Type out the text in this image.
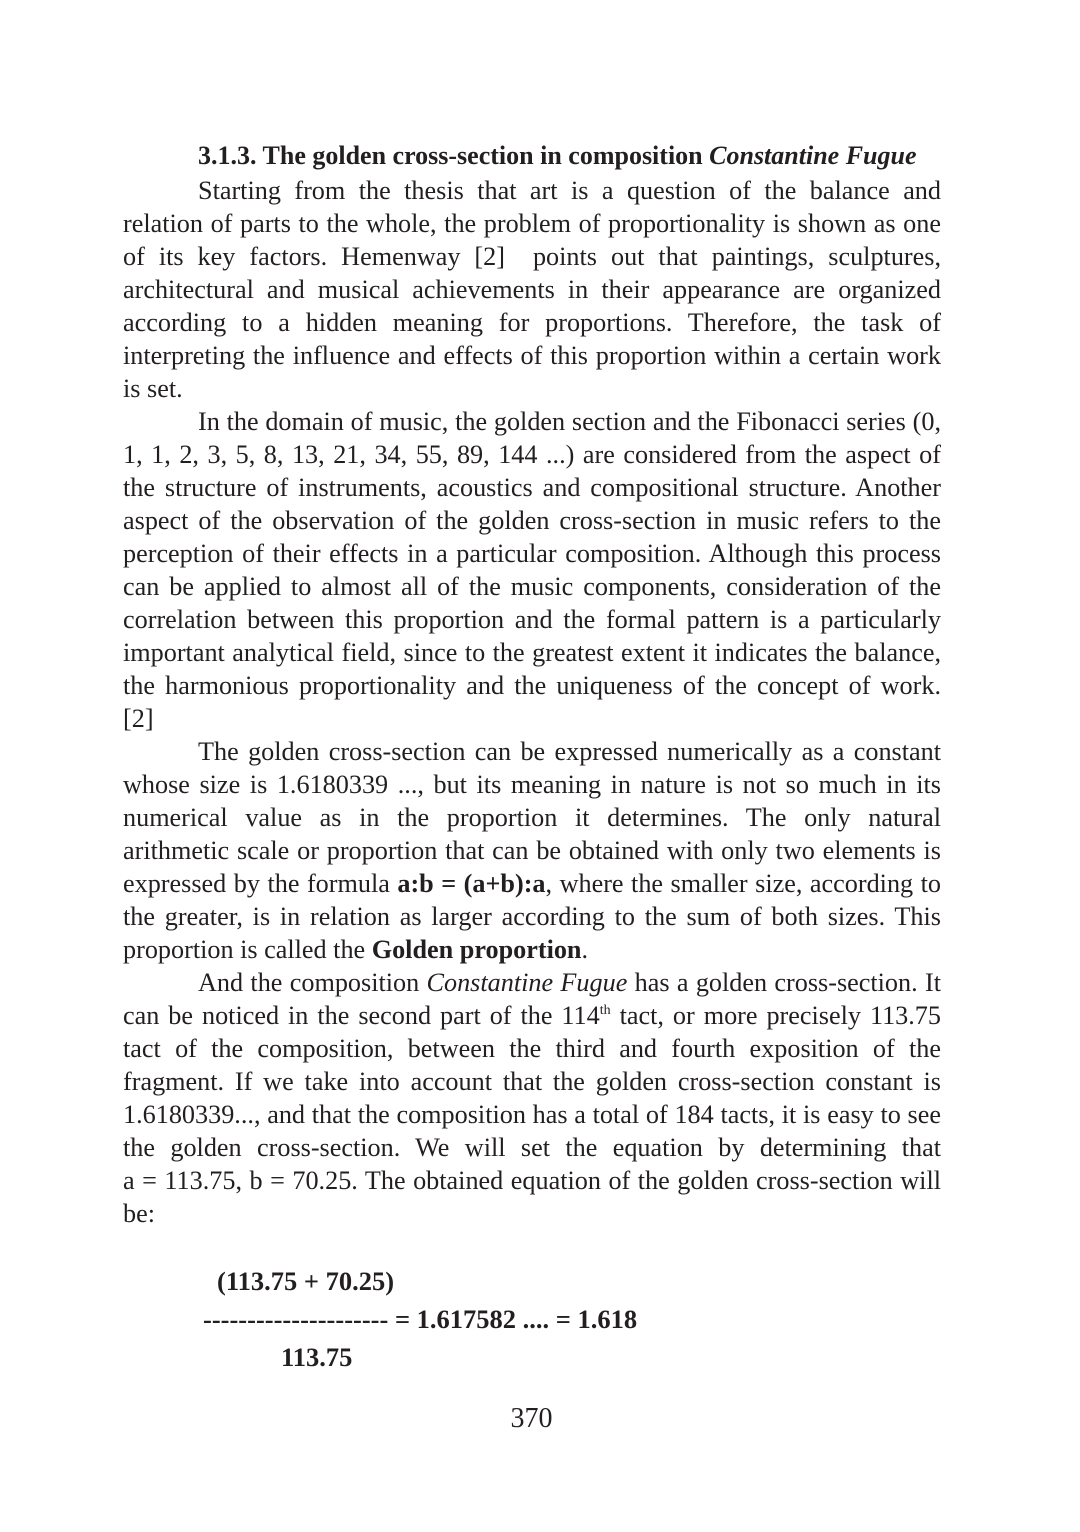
3.1.3. The golden cross-section in composition Constantine Fugue

Starting from the thesis that art is a question of the balance and relation of parts to the whole, the problem of proportionality is shown as one of its key factors. Hemenway [2]  points out that paintings, sculptures, architectural and musical achievements in their appearance are organized according to a hidden meaning for proportions. Therefore, the task of interpreting the influence and effects of this proportion within a certain work is set.

In the domain of music, the golden section and the Fibonacci series (0, 1, 1, 2, 3, 5, 8, 13, 21, 34, 55, 89, 144 ...) are considered from the aspect of the structure of instruments, acoustics and compositional structure. Another aspect of the observation of the golden cross-section in music refers to the perception of their effects in a particular composition. Although this process can be applied to almost all of the music components, consideration of the correlation between this proportion and the formal pattern is a particularly important analytical field, since to the greatest extent it indicates the balance, the harmonious proportionality and the uniqueness of the concept of work. [2]

The golden cross-section can be expressed numerically as a constant whose size is 1.6180339 ..., but its meaning in nature is not so much in its numerical value as in the proportion it determines. The only natural arithmetic scale or proportion that can be obtained with only two elements is expressed by the formula a:b = (a+b):a, where the smaller size, according to the greater, is in relation as larger according to the sum of both sizes. This proportion is called the Golden proportion.

And the composition Constantine Fugue has a golden cross-section. It can be noticed in the second part of the 114th tact, or more precisely 113.75 tact of the composition, between the third and fourth exposition of the fragment. If we take into account that the golden cross-section constant is 1.6180339..., and that the composition has a total of 184 tacts, it is easy to see the golden cross-section. We will set the equation by determining that a = 113.75, b = 70.25. The obtained equation of the golden cross-section will be:

(113.75 + 70.25)
--------------------- = 1.617582 .... = 1.618
113.75
370
